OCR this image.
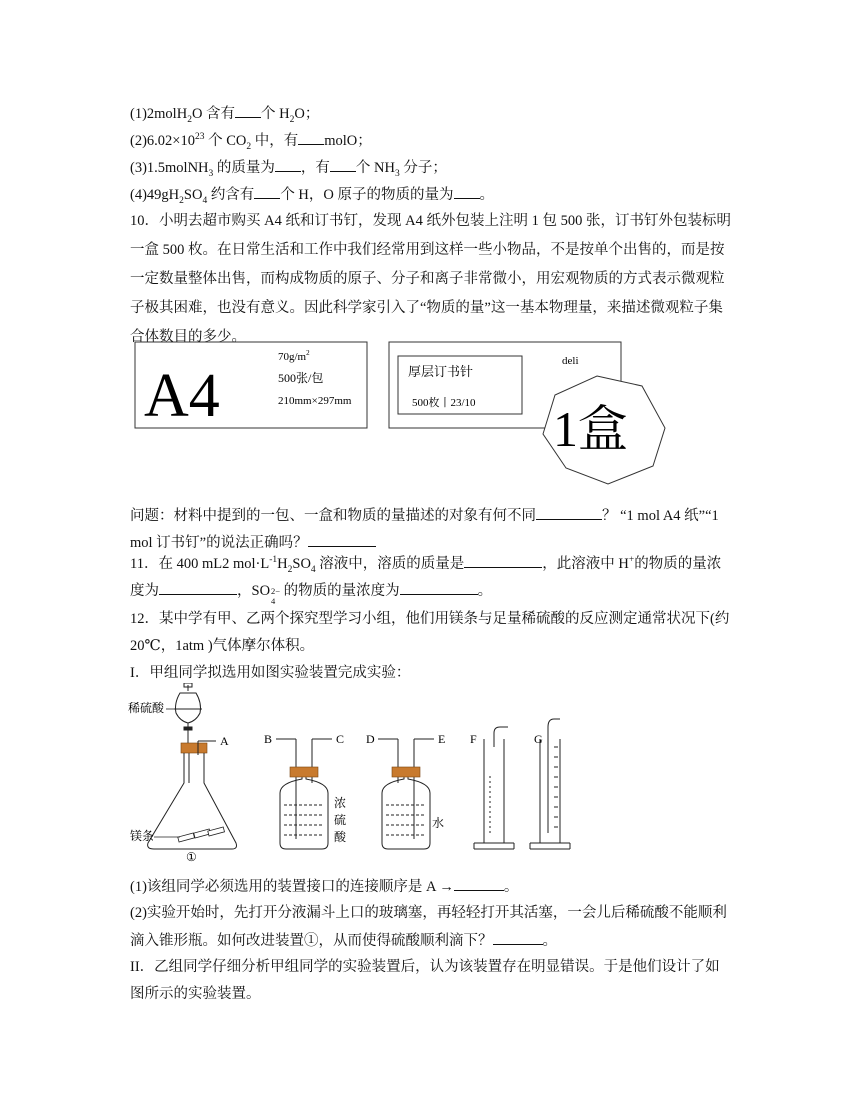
(1)2molH$_2$O 含有 个 $H_2O$；
$(2)6.02\times 10^{23}$ 个 $CO_2$ 中，有 molO；
(3)1.5molNH$_3$ 的质量为 ，有 个 $NH_3$ 分子；
$(4)49gH_2SO_4$ 约含有 个 H，O 原子的物质的量为 。
10．小明去超市购买 A4 纸和订书钉，发现 A4 纸外包装上注明 1 包 500 张，订书钉外包装标明
一盒 500 枚。在日常生活和工作中我们经常用到这样一些小物品，不是按单个出售的，而是按
一定数量整体出售，而构成物质的原子、分子和离子非常微小，用宏观物质的方式表示微观粒
子极其困难，也没有意义。因此科学家引入了“物质的量”这一基本物理量，来描述微观粒子集
合体数目的多少。
A4
$70g/m^2$
500张/包
210mm×297mm
厚层订书针
500枚丨23/10
deli
1盒
问题：材料中提到的一包、一盒和物质的量描述的对象有何不同	？ “1 mol A4 纸”“1
mol 订书钉”的说法正确吗？
11．在 400 mL2 $mol\cdot L^{-1}H_2SO_4$ 溶液中，溶质的质量是	，此溶液中 H+的物质的量浓
度为	，SO 2−
4
的物质的量浓度为	。
12．某中学有甲、乙两个探究型学习小组，他们用镁条与足量稀硫酸的反应测定通常状况下(约
20℃，1atm )气体摩尔体积。
I．甲组同学拟选用如图实验装置完成实验：
稀硫酸
A
镁条
①
B	C
浓
硫
酸
D	E
水
F	G
(1)该组同学必须选用的装置接口的连接顺序是 A →	。
(2)实验开始时，先打开分液漏斗上口的玻璃塞，再轻轻打开其活塞，一会儿后稀硫酸不能顺利
滴入锥形瓶。如何改进装置①，从而使得硫酸顺利滴下？	。
II．乙组同学仔细分析甲组同学的实验装置后，认为该装置存在明显错误。于是他们设计了如
图所示的实验装置。
